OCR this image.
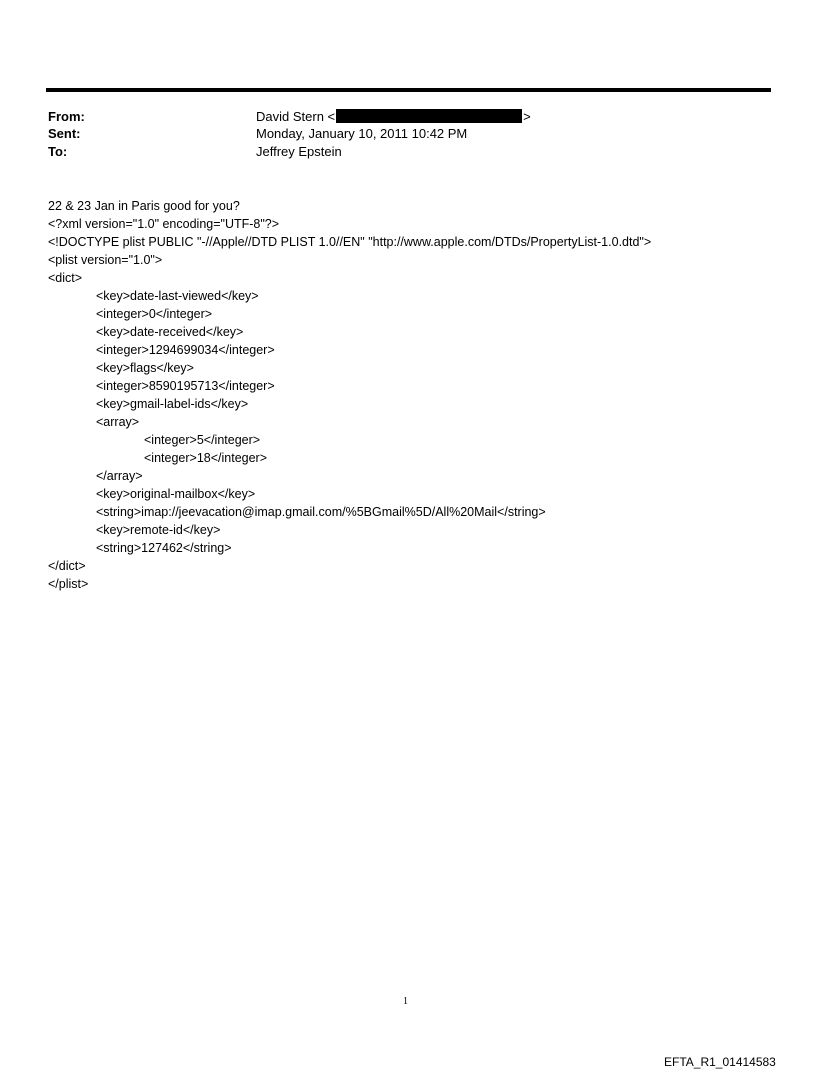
From:	David Stern <	>
Sent:	Monday, January 10, 2011 10:42 PM
To:	Jeffrey Epstein
22 & 23 Jan in Paris good for you?
<?xml version="1.0" encoding="UTF-8"?>
<!DOCTYPE plist PUBLIC "-//Apple//DTD PLIST 1.0//EN" "http://www.apple.com/DTDs/PropertyList-1.0.dtd">
<plist version="1.0">
<dict>
<key>date-last-viewed</key>
<integer>0</integer>
<key>date-received</key>
<integer>1294699034</integer>
<key>flags</key>
<integer>8590195713</integer>
<key>gmail-label-ids</key>
<array>
<integer>5</integer>
<integer>18</integer>
</array>
<key>original-mailbox</key>
<string>imap://jeevacation@imap.gmail.com/%5BGmail%5D/All%20Mail</string>
<key>remote-id</key>
<string>127462</string>
</dict>
</plist>
1
EFTA_R1_01414583
